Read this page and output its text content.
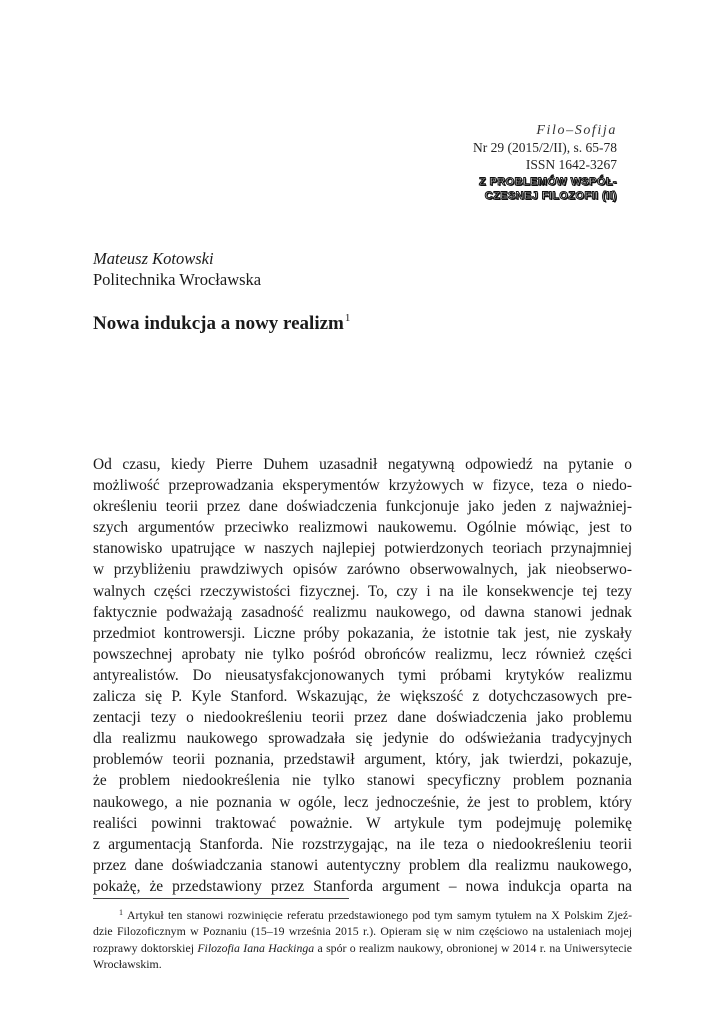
Filo–Sofija
Nr 29 (2015/2/II), s. 65-78
ISSN 1642-3267
Z PROBLEMÓW WSPÓŁ-
CZESNEJ FILOZOFII (II)
Mateusz Kotowski
Politechnika Wrocławska
Nowa indukcja a nowy realizm$^1$
Od czasu, kiedy Pierre Duhem uzasadnił negatywną odpowiedź na pytanie o
możliwość przeprowadzania eksperymentów krzyżowych w fizyce, teza o niedo-
określeniu teorii przez dane doświadczenia funkcjonuje jako jeden z najważniej-
szych argumentów przeciwko realizmowi naukowemu. Ogólnie mówiąc, jest to
stanowisko upatrujące w naszych najlepiej potwierdzonych teoriach przynajmniej
w przybliżeniu prawdziwych opisów zarówno obserwowalnych, jak nieobserwo-
walnych części rzeczywistości fizycznej. To, czy i na ile konsekwencje tej tezy
faktycznie podważają zasadność realizmu naukowego, od dawna stanowi jednak
przedmiot kontrowersji. Liczne próby pokazania, że istotnie tak jest, nie zyskały
powszechnej aprobaty nie tylko pośród obrońców realizmu, lecz również części
antyrealistów. Do nieusatysfakcjonowanych tymi próbami krytyków realizmu
zalicza się P. Kyle Stanford. Wskazując, że większość z dotychczasowych pre-
zentacji tezy o niedookreśleniu teorii przez dane doświadczenia jako problemu
dla realizmu naukowego sprowadzała się jedynie do odświeżania tradycyjnych
problemów teorii poznania, przedstawił argument, który, jak twierdzi, pokazuje,
że problem niedookreślenia nie tylko stanowi specyficzny problem poznania
naukowego, a nie poznania w ogóle, lecz jednocześnie, że jest to problem, który
realiści powinni traktować poważnie. W artykule tym podejmuję polemikę
z argumentacją Stanforda. Nie rozstrzygając, na ile teza o niedookreśleniu teorii
przez dane doświadczania stanowi autentyczny problem dla realizmu naukowego,
pokażę, że przedstawiony przez Stanforda argument – nowa indukcja oparta na
$^1$ Artykuł ten stanowi rozwinięcie referatu przedstawionego pod tym samym tytułem na X Polskim Zjeź-
dzie Filozoficznym w Poznaniu (15–19 września 2015 r.). Opieram się w nim częściowo na ustaleniach mojej
rozprawy doktorskiej Filozofia Iana Hackinga a spór o realizm naukowy, obronionej w 2014 r. na Uniwersytecie
Wrocławskim.
